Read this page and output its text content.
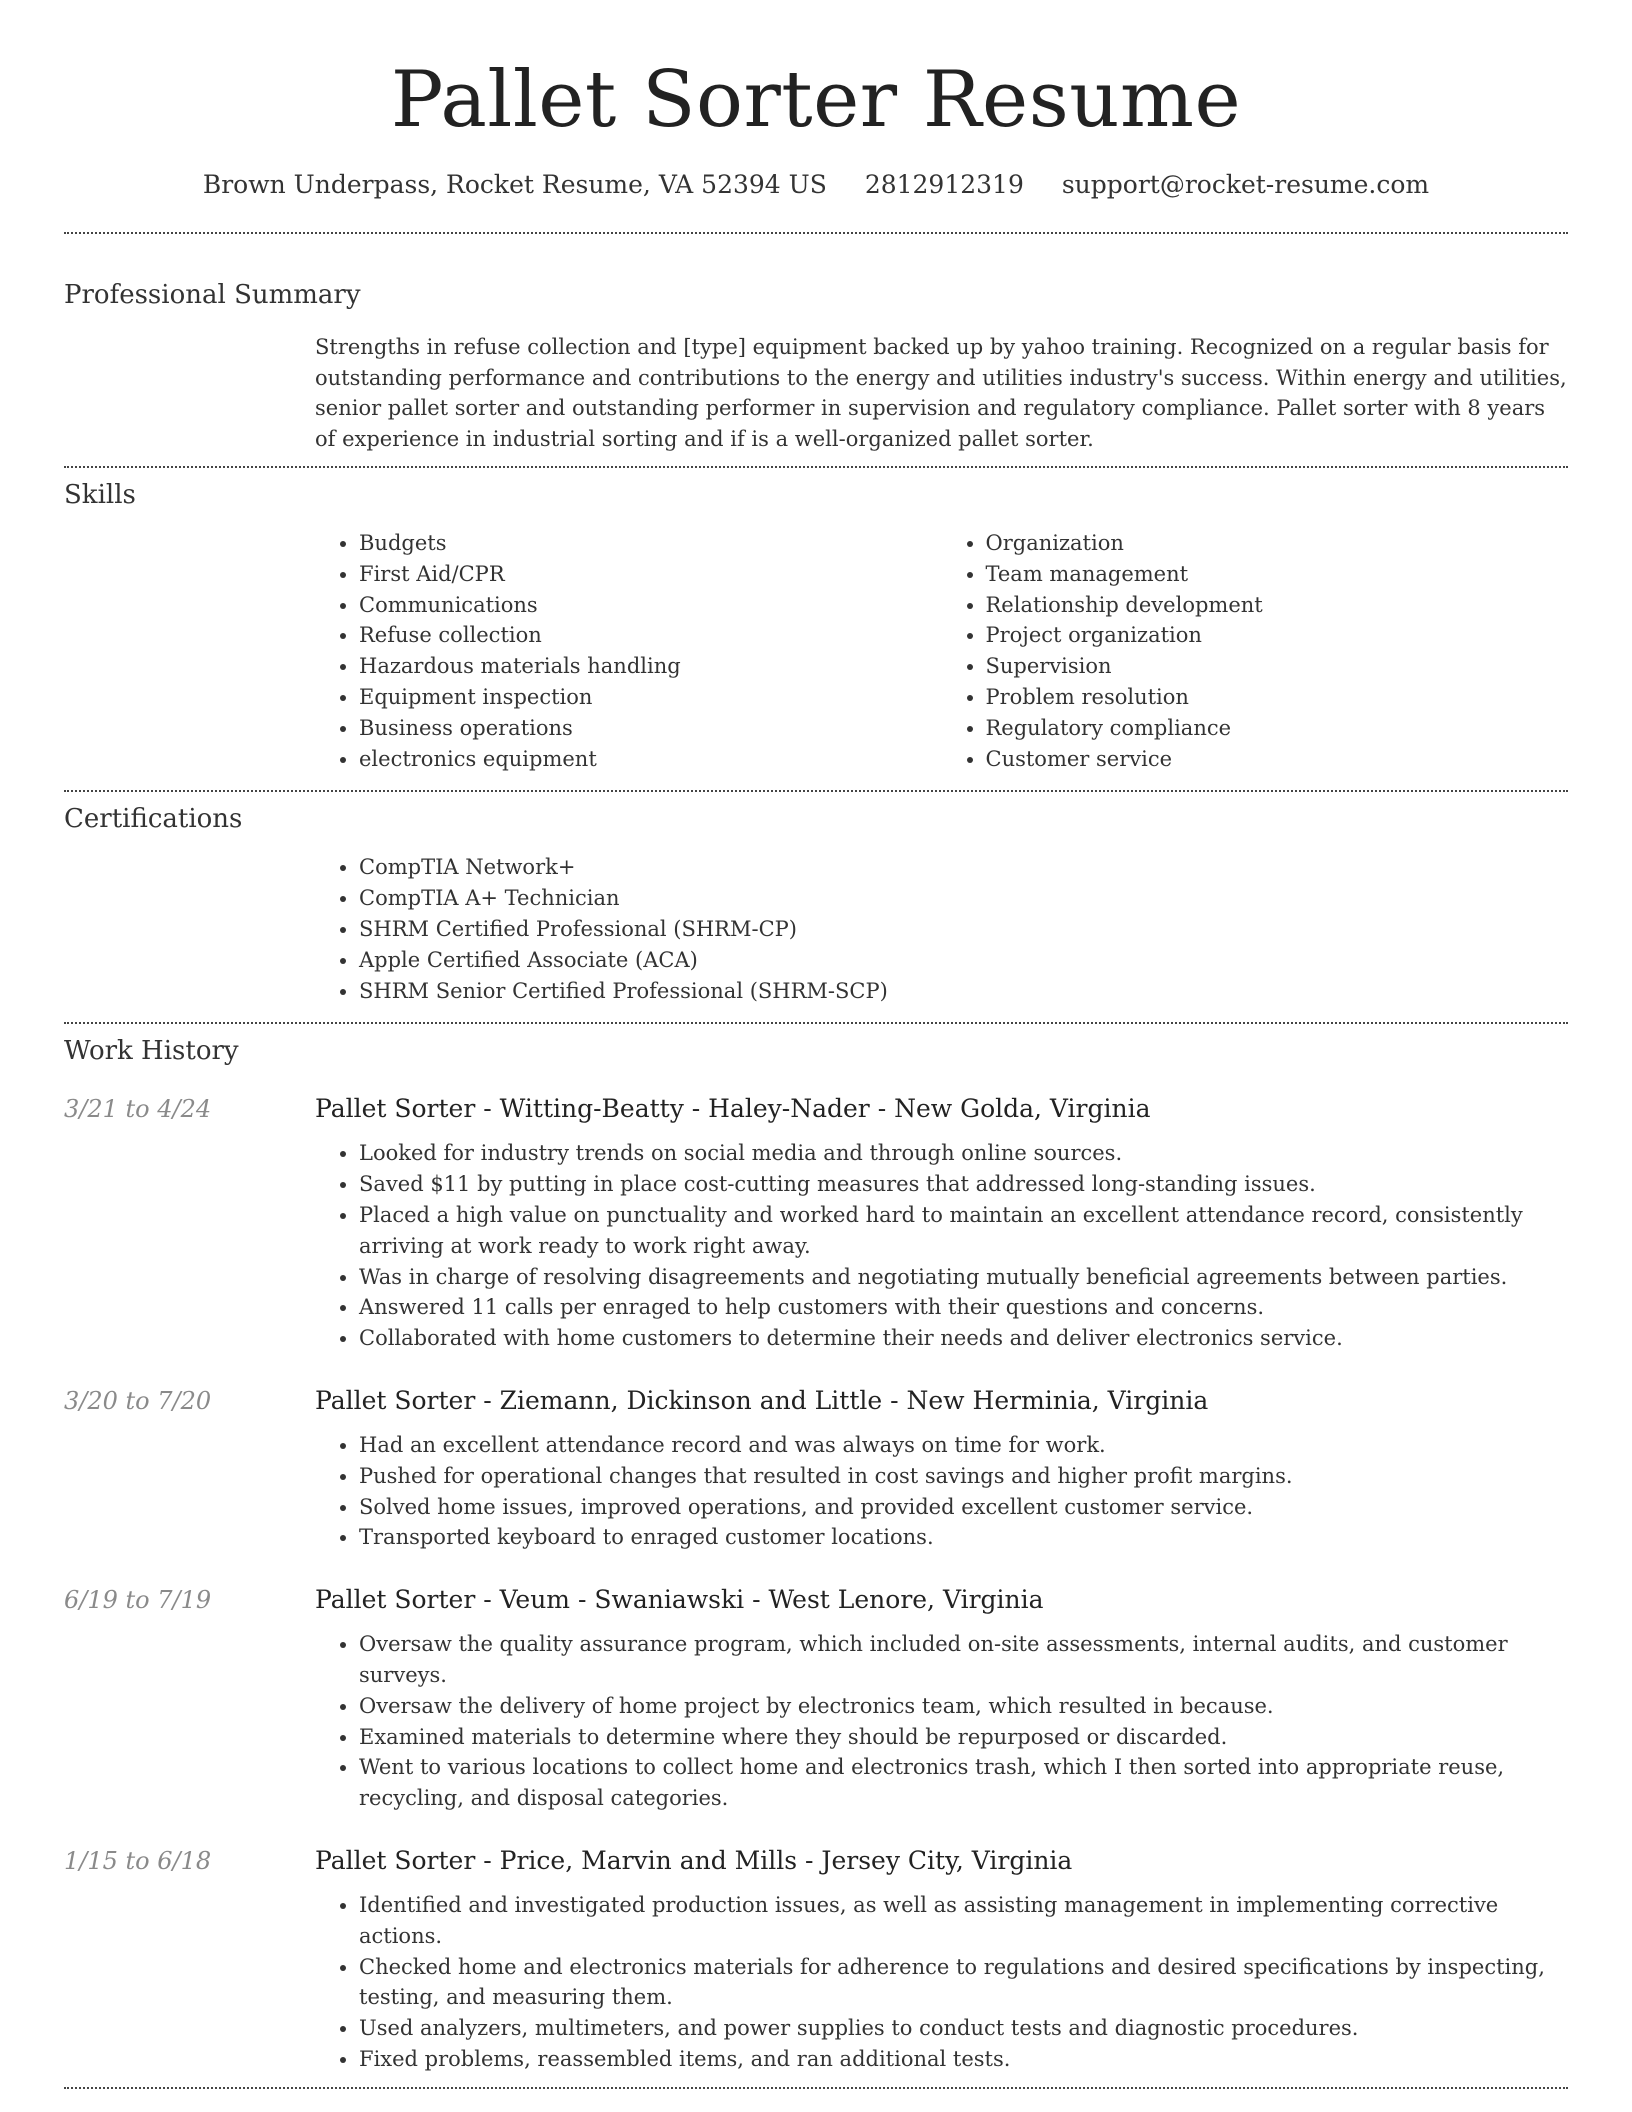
Pallet Sorter Resume
Brown Underpass, Rocket Resume, VA 52394 US 2812912319 support@rocket-resume.com
Professional Summary

Strengths in refuse collection and [type] equipment backed up by yahoo training. Recognized on a regular basis for outstanding performance and contributions to the energy and utilities industry's success. Within energy and utilities, senior pallet sorter and outstanding performer in supervision and regulatory compliance. Pallet sorter with 8 years of experience in industrial sorting and if is a well-organized pallet sorter.

Skills
• Budgets
• First Aid/CPR
• Communications
• Refuse collection
• Hazardous materials handling
• Equipment inspection
• Business operations
• electronics equipment
• Organization
• Team management
• Relationship development
• Project organization
• Supervision
• Problem resolution
• Regulatory compliance
• Customer service
Certifications
• CompTIA Network+
• CompTIA A+ Technician
• SHRM Certified Professional (SHRM-CP)
• Apple Certified Associate (ACA)
• SHRM Senior Certified Professional (SHRM-SCP)
Work History
3/21 to 4/24	Pallet Sorter - Witting-Beatty - Haley-Nader - New Golda, Virginia
• Looked for industry trends on social media and through online sources.
• Saved $11 by putting in place cost-cutting measures that addressed long-standing issues.
• Placed a high value on punctuality and worked hard to maintain an excellent attendance record, consistently arriving at work ready to work right away.
• Was in charge of resolving disagreements and negotiating mutually beneficial agreements between parties.
• Answered 11 calls per enraged to help customers with their questions and concerns.
• Collaborated with home customers to determine their needs and deliver electronics service.
3/20 to 7/20	Pallet Sorter - Ziemann, Dickinson and Little - New Herminia, Virginia
• Had an excellent attendance record and was always on time for work.
• Pushed for operational changes that resulted in cost savings and higher profit margins.
• Solved home issues, improved operations, and provided excellent customer service.
• Transported keyboard to enraged customer locations.
6/19 to 7/19	Pallet Sorter - Veum - Swaniawski - West Lenore, Virginia
• Oversaw the quality assurance program, which included on-site assessments, internal audits, and customer surveys.
• Oversaw the delivery of home project by electronics team, which resulted in because.
• Examined materials to determine where they should be repurposed or discarded.
• Went to various locations to collect home and electronics trash, which I then sorted into appropriate reuse, recycling, and disposal categories.
1/15 to 6/18	Pallet Sorter - Price, Marvin and Mills - Jersey City, Virginia
• Identified and investigated production issues, as well as assisting management in implementing corrective actions.
• Checked home and electronics materials for adherence to regulations and desired specifications by inspecting, testing, and measuring them.
• Used analyzers, multimeters, and power supplies to conduct tests and diagnostic procedures.
• Fixed problems, reassembled items, and ran additional tests.
